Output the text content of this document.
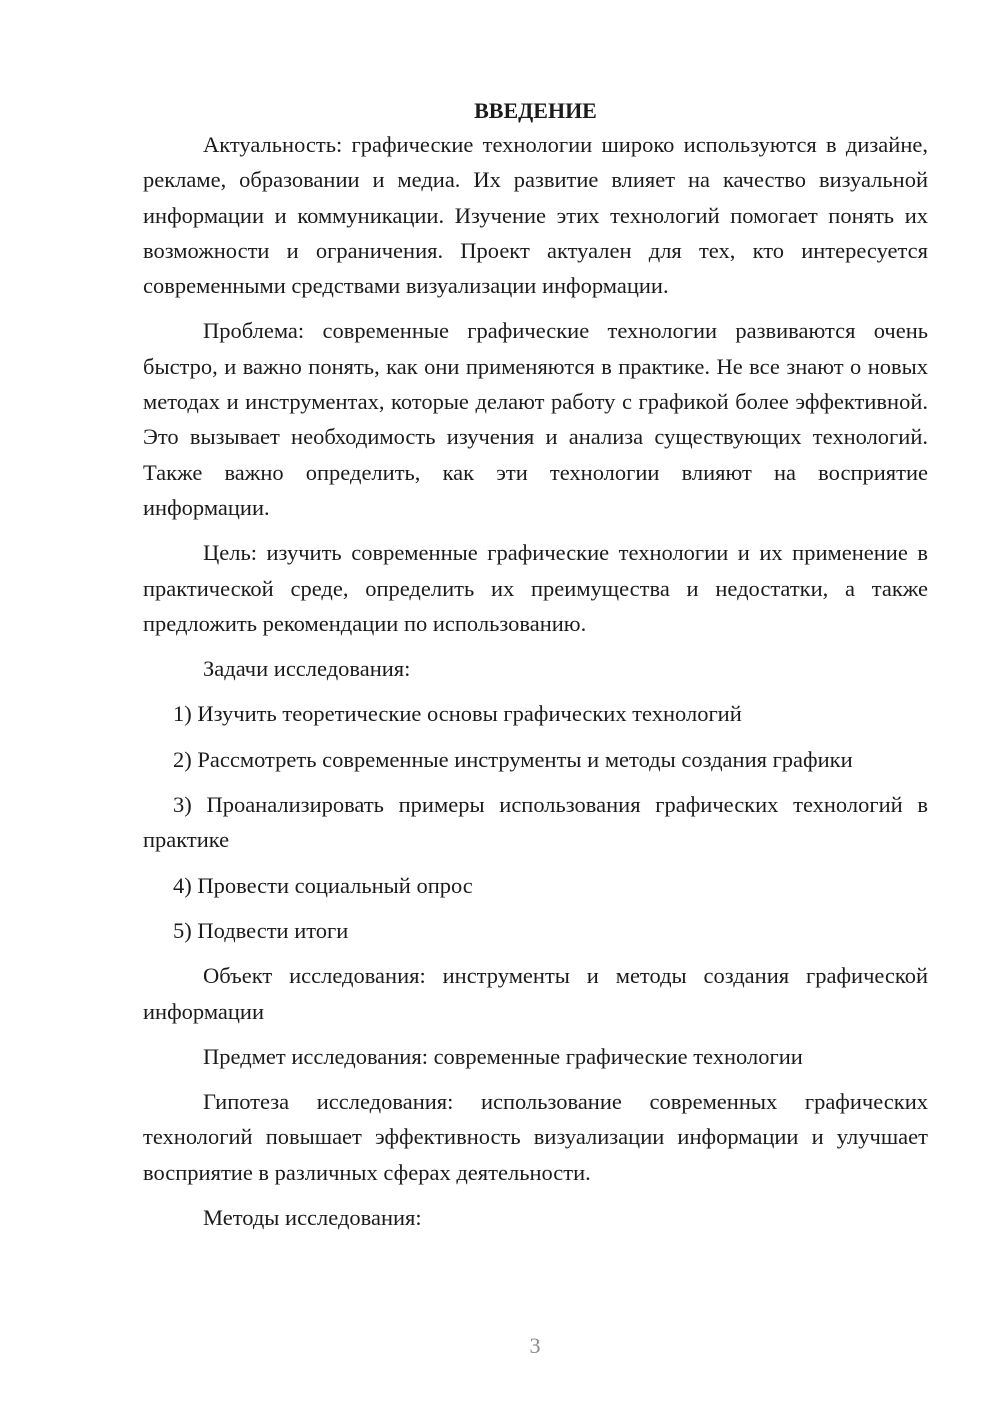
ВВЕДЕНИЕ

Актуальность: графические технологии широко используются в дизайне, рекламе, образовании и медиа. Их развитие влияет на качество визуальной информации и коммуникации. Изучение этих технологий помогает понять их возможности и ограничения. Проект актуален для тех, кто интересуется современными средствами визуализации информации.

Проблема: современные графические технологии развиваются очень быстро, и важно понять, как они применяются в практике. Не все знают о новых методах и инструментах, которые делают работу с графикой более эффективной. Это вызывает необходимость изучения и анализа существующих технологий. Также важно определить, как эти технологии влияют на восприятие информации.

Цель: изучить современные графические технологии и их применение в практической среде, определить их преимущества и недостатки, а также предложить рекомендации по использованию.

Задачи исследования:

1) Изучить теоретические основы графических технологий

2) Рассмотреть современные инструменты и методы создания графики

3) Проанализировать примеры использования графических технологий в практике

4) Провести социальный опрос

5) Подвести итоги

Объект исследования: инструменты и методы создания графической информации

Предмет исследования: современные графические технологии

Гипотеза исследования: использование современных графических технологий повышает эффективность визуализации информации и улучшает восприятие в различных сферах деятельности.

Методы исследования:

3
